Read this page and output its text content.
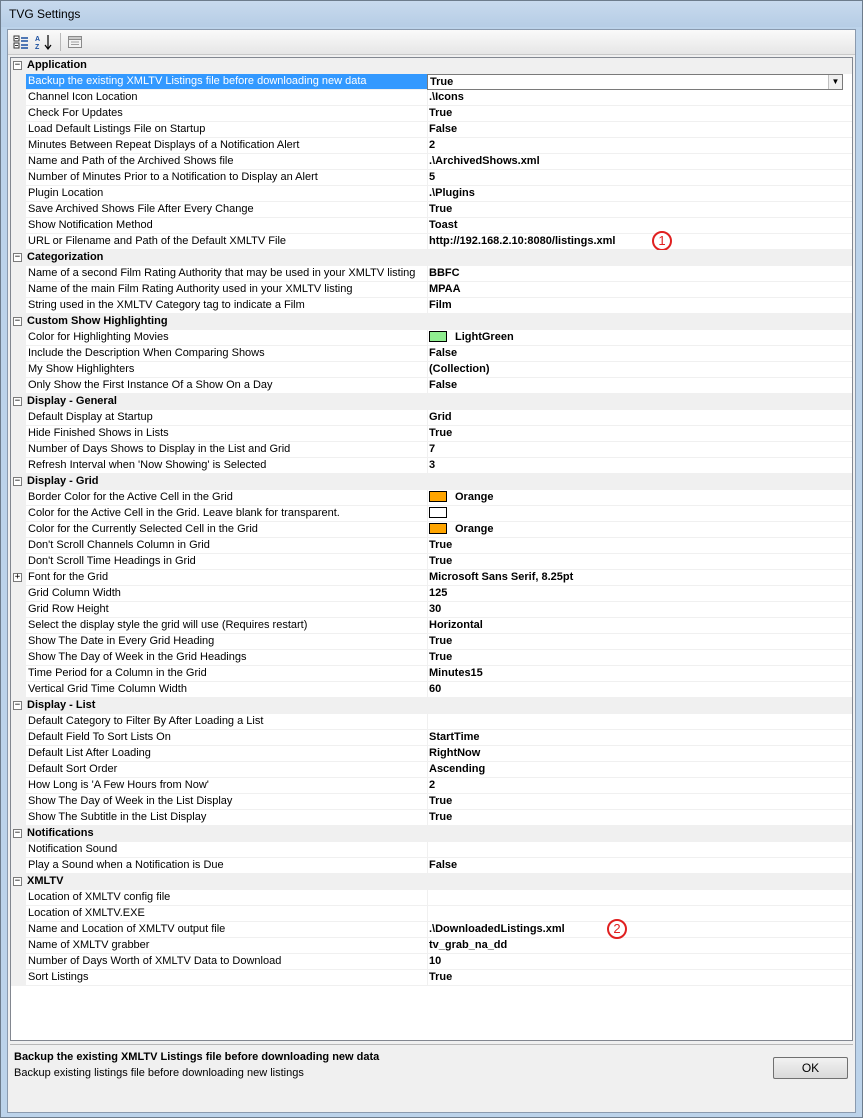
TVG Settings
A
Z
− Application
Backup the existing XMLTV Listings file before downloading new data	True	▼
Channel Icon Location	.\Icons
Check For Updates	True
Load Default Listings File on Startup	False
Minutes Between Repeat Displays of a Notification Alert	2
Name and Path of the Archived Shows file	.\ArchivedShows.xml
Number of Minutes Prior to a Notification to Display an Alert	5
Plugin Location	.\Plugins
Save Archived Shows File After Every Change	True
Show Notification Method	Toast
URL or Filename and Path of the Default XMLTV File	http://192.168.2.10:8080/listings.xml	1
− Categorization
Name of a second Film Rating Authority that may be used in your XMLTV listing	BBFC
Name of the main Film Rating Authority used in your XMLTV listing	MPAA
String used in the XMLTV Category tag to indicate a Film	Film
− Custom Show Highlighting
Color for Highlighting Movies	LightGreen
Include the Description When Comparing Shows	False
My Show Highlighters	(Collection)
Only Show the First Instance Of a Show On a Day	False
− Display - General
Default Display at Startup	Grid
Hide Finished Shows in Lists	True
Number of Days Shows to Display in the List and Grid	7
Refresh Interval when 'Now Showing' is Selected	3
− Display - Grid
Border Color for the Active Cell in the Grid	Orange
Color for the Active Cell in the Grid. Leave blank for transparent.
Color for the Currently Selected Cell in the Grid	Orange
Don't Scroll Channels Column in Grid	True
Don't Scroll Time Headings in Grid	True
+ Font for the Grid	Microsoft Sans Serif, 8.25pt
Grid Column Width	125
Grid Row Height	30
Select the display style the grid will use (Requires restart)	Horizontal
Show The Date in Every Grid Heading	True
Show The Day of Week in the Grid Headings	True
Time Period for a Column in the Grid	Minutes15
Vertical Grid Time Column Width	60
− Display - List
Default Category to Filter By After Loading a List
Default Field To Sort Lists On	StartTime
Default List After Loading	RightNow
Default Sort Order	Ascending
How Long is 'A Few Hours from Now'	2
Show The Day of Week in the List Display	True
Show The Subtitle in the List Display	True
− Notifications
Notification Sound
Play a Sound when a Notification is Due	False
− XMLTV
Location of XMLTV config file
Location of XMLTV.EXE
Name and Location of XMLTV output file	.\DownloadedListings.xml	2
Name of XMLTV grabber	tv_grab_na_dd
Number of Days Worth of XMLTV Data to Download	10
Sort Listings	True
Backup the existing XMLTV Listings file before downloading new data
Backup existing listings file before downloading new listings	OK
